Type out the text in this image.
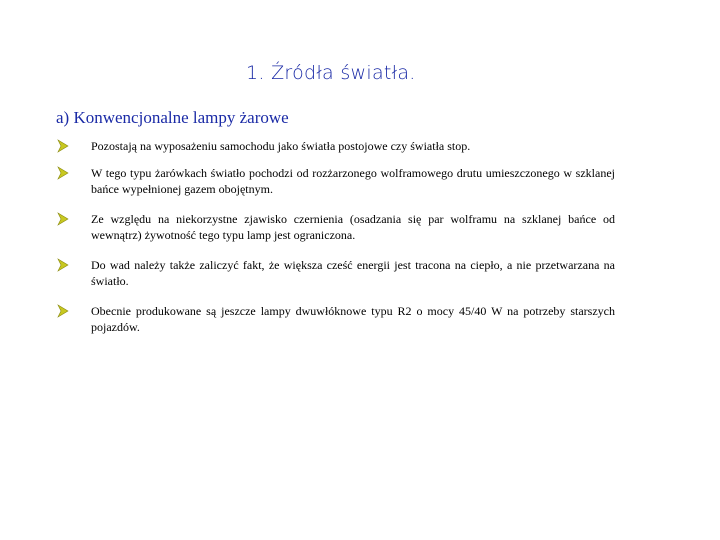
1. Źródła światła.
a) Konwencjonalne lampy żarowe
Pozostają na wyposażeniu samochodu jako światła postojowe czy światła stop.
W tego typu żarówkach światło pochodzi od rozżarzonego wolframowego drutu umieszczonego w szklanej bańce wypełnionej gazem obojętnym.
Ze względu na niekorzystne zjawisko czernienia (osadzania się par wolframu na szklanej bańce od wewnątrz) żywotność tego typu lamp jest ograniczona.
Do wad należy także zaliczyć fakt, że większa cześć energii jest tracona na ciepło, a nie przetwarzana na światło.
Obecnie produkowane są jeszcze lampy dwuwłóknowe typu R2 o mocy 45/40 W na potrzeby starszych pojazdów.
